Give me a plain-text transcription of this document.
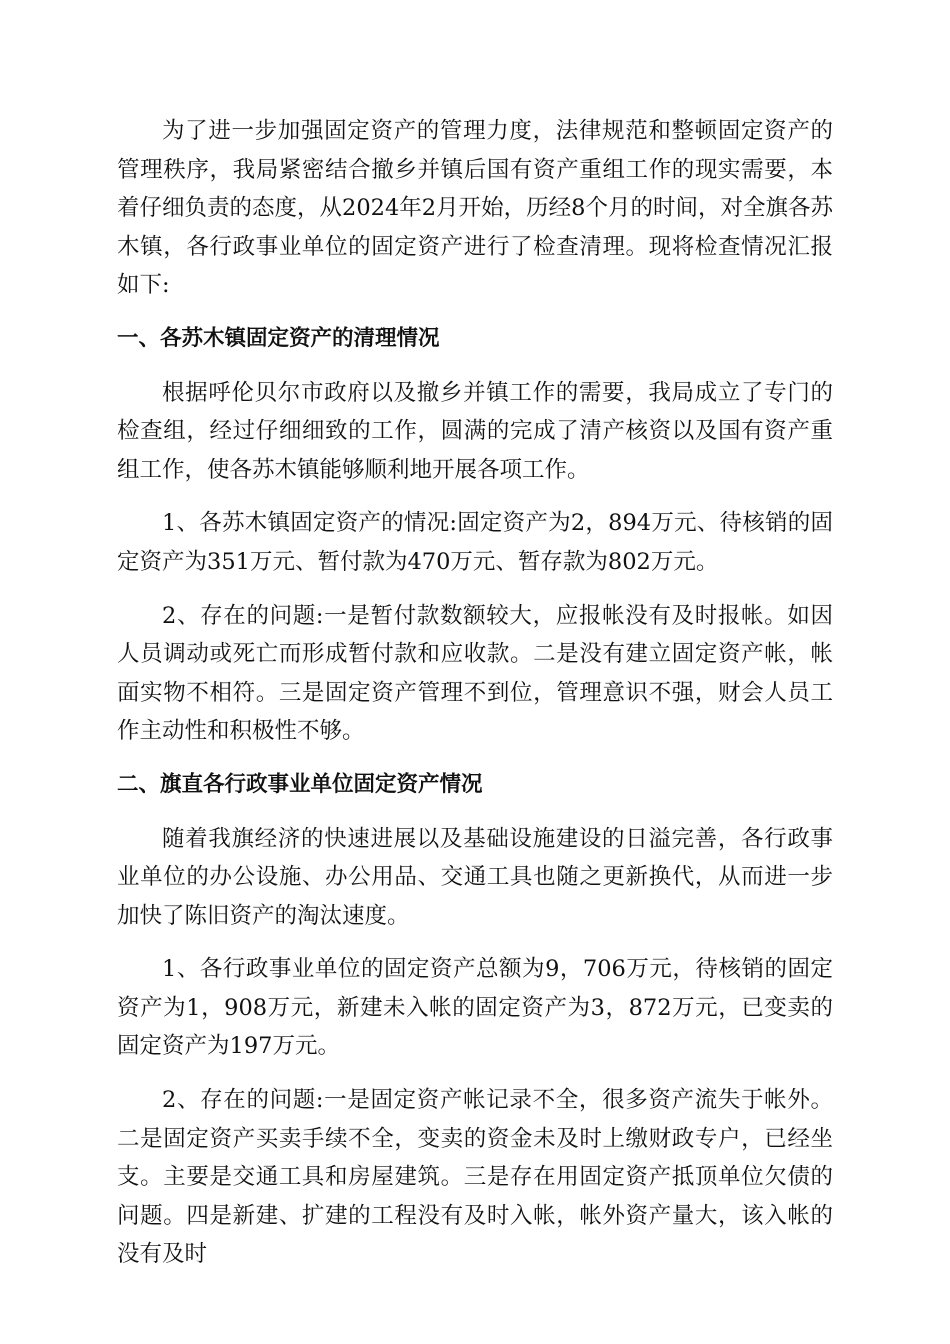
为了进一步加强固定资产的管理力度，法律规范和整顿固定资产的管理秩序，我局紧密结合撤乡并镇后国有资产重组工作的现实需要，本着仔细负责的态度，从2024年2月开始，历经8个月的时间，对全旗各苏木镇，各行政事业单位的固定资产进行了检查清理。现将检查情况汇报如下:

一、各苏木镇固定资产的清理情况

根据呼伦贝尔市政府以及撤乡并镇工作的需要，我局成立了专门的检查组，经过仔细细致的工作，圆满的完成了清产核资以及国有资产重组工作，使各苏木镇能够顺利地开展各项工作。

1、各苏木镇固定资产的情况:固定资产为2，894万元、待核销的固定资产为351万元、暂付款为470万元、暂存款为802万元。

2、存在的问题:一是暂付款数额较大，应报帐没有及时报帐。如因人员调动或死亡而形成暂付款和应收款。二是没有建立固定资产帐，帐面实物不相符。三是固定资产管理不到位，管理意识不强，财会人员工作主动性和积极性不够。

二、旗直各行政事业单位固定资产情况

随着我旗经济的快速进展以及基础设施建设的日溢完善，各行政事业单位的办公设施、办公用品、交通工具也随之更新换代，从而进一步加快了陈旧资产的淘汰速度。

1、各行政事业单位的固定资产总额为9，706万元，待核销的固定资产为1，908万元，新建未入帐的固定资产为3，872万元，已变卖的固定资产为197万元。

2、存在的问题:一是固定资产帐记录不全，很多资产流失于帐外。二是固定资产买卖手续不全，变卖的资金未及时上缴财政专户，已经坐支。主要是交通工具和房屋建筑。三是存在用固定资产抵顶单位欠债的问题。四是新建、扩建的工程没有及时入帐，帐外资产量大，该入帐的没有及时
